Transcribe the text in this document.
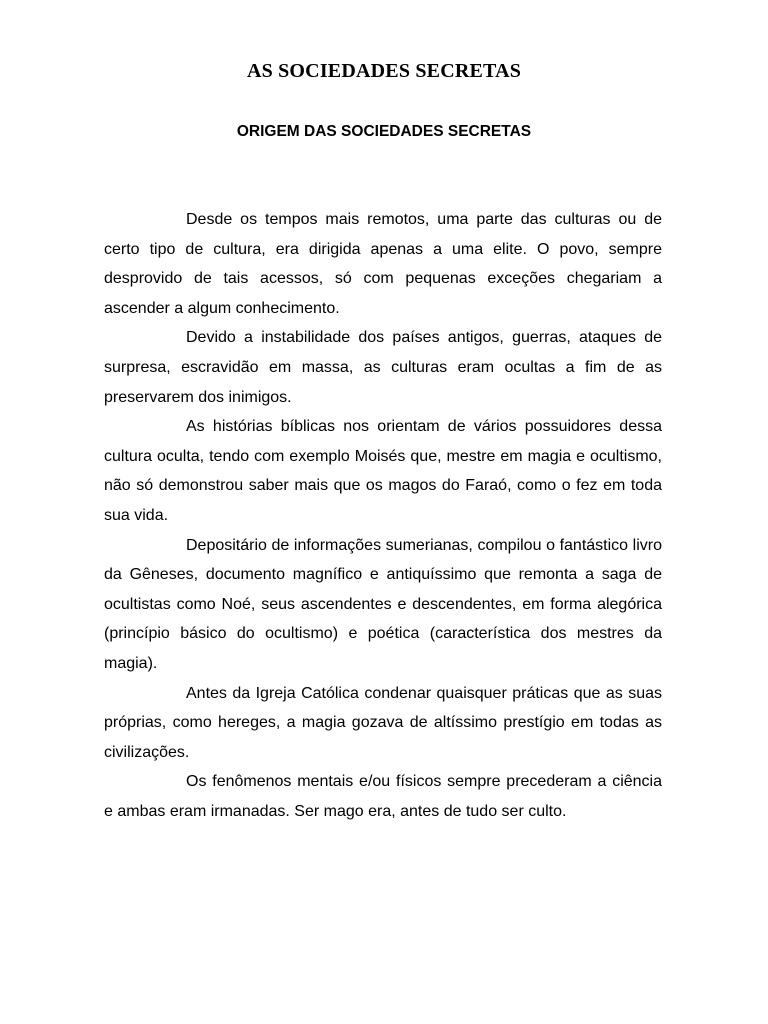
AS SOCIEDADES SECRETAS
ORIGEM DAS SOCIEDADES SECRETAS

Desde os tempos mais remotos, uma parte das culturas ou de certo tipo de cultura, era dirigida apenas a uma elite. O povo, sempre desprovido de tais acessos, só com pequenas exceções chegariam a ascender a algum conhecimento.

Devido a instabilidade dos países antigos, guerras, ataques de surpresa, escravidão em massa, as culturas eram ocultas a fim de as preservarem dos inimigos.

As histórias bíblicas nos orientam de vários possuidores dessa cultura oculta, tendo com exemplo Moisés que, mestre em magia e ocultismo, não só demonstrou saber mais que os magos do Faraó, como o fez em toda sua vida.

Depositário de informações sumerianas, compilou o fantástico livro da Gêneses, documento magnífico e antiquíssimo que remonta a saga de ocultistas como Noé, seus ascendentes e descendentes, em forma alegórica (princípio básico do ocultismo) e poética (característica dos mestres da magia).

Antes da Igreja Católica condenar quaisquer práticas que as suas próprias, como hereges, a magia gozava de altíssimo prestígio em todas as civilizações.

Os fenômenos mentais e/ou físicos sempre precederam a ciência e ambas eram irmanadas. Ser mago era, antes de tudo ser culto.
